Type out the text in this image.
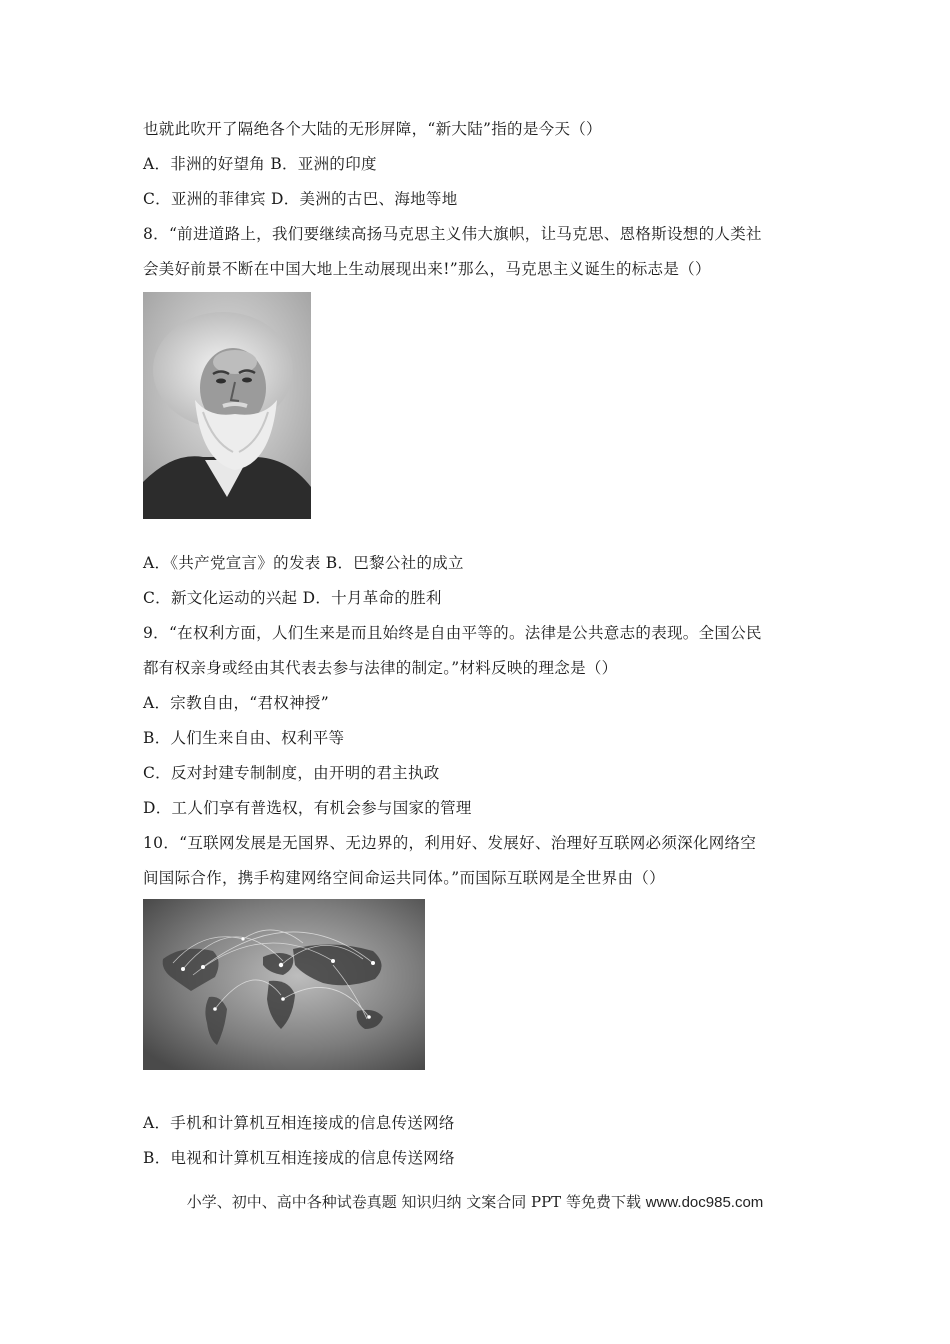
也就此吹开了隔绝各个大陆的无形屏障，“新大陆”指的是今天（）
A．非洲的好望角 B．亚洲的印度
C．亚洲的菲律宾 D．美洲的古巴、海地等地
8．“前进道路上，我们要继续高扬马克思主义伟大旗帜，让马克思、恩格斯设想的人类社
会美好前景不断在中国大地上生动展现出来!”那么，马克思主义诞生的标志是（）
A．《共产党宣言》的发表 B．巴黎公社的成立
C．新文化运动的兴起 D．十月革命的胜利
9．“在权利方面，人们生来是而且始终是自由平等的。法律是公共意志的表现。全国公民
都有权亲身或经由其代表去参与法律的制定。”材料反映的理念是（）
A．宗教自由，“君权神授”
B．人们生来自由、权利平等
C．反对封建专制制度，由开明的君主执政
D．工人们享有普选权，有机会参与国家的管理
10．“互联网发展是无国界、无边界的，利用好、发展好、治理好互联网必须深化网络空
间国际合作，携手构建网络空间命运共同体。”而国际互联网是全世界由（）
A．手机和计算机互相连接成的信息传送网络
B．电视和计算机互相连接成的信息传送网络
小学、初中、高中各种试卷真题 知识归纳 文案合同 PPT 等免费下载 www.doc985.com
